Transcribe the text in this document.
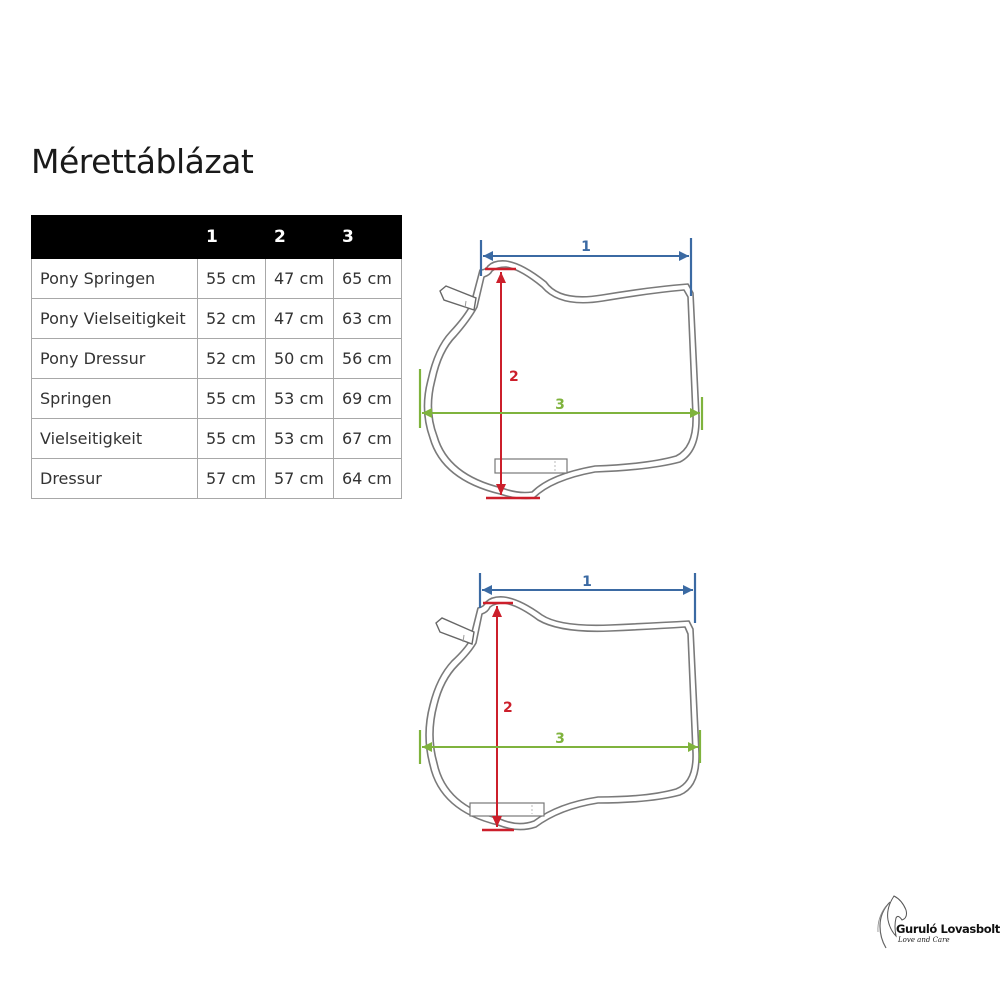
Mérettáblázat
	1	2	3
Pony Springen	55 cm	47 cm	65 cm
Pony Vielseitigkeit	52 cm	47 cm	63 cm
Pony Dressur	52 cm	50 cm	56 cm
Springen	55 cm	53 cm	69 cm
Vielseitigkeit	55 cm	53 cm	67 cm
Dressur	57 cm	57 cm	64 cm
1
2
3
1
2
3
Guruló Lovasbolt
Love and Care
